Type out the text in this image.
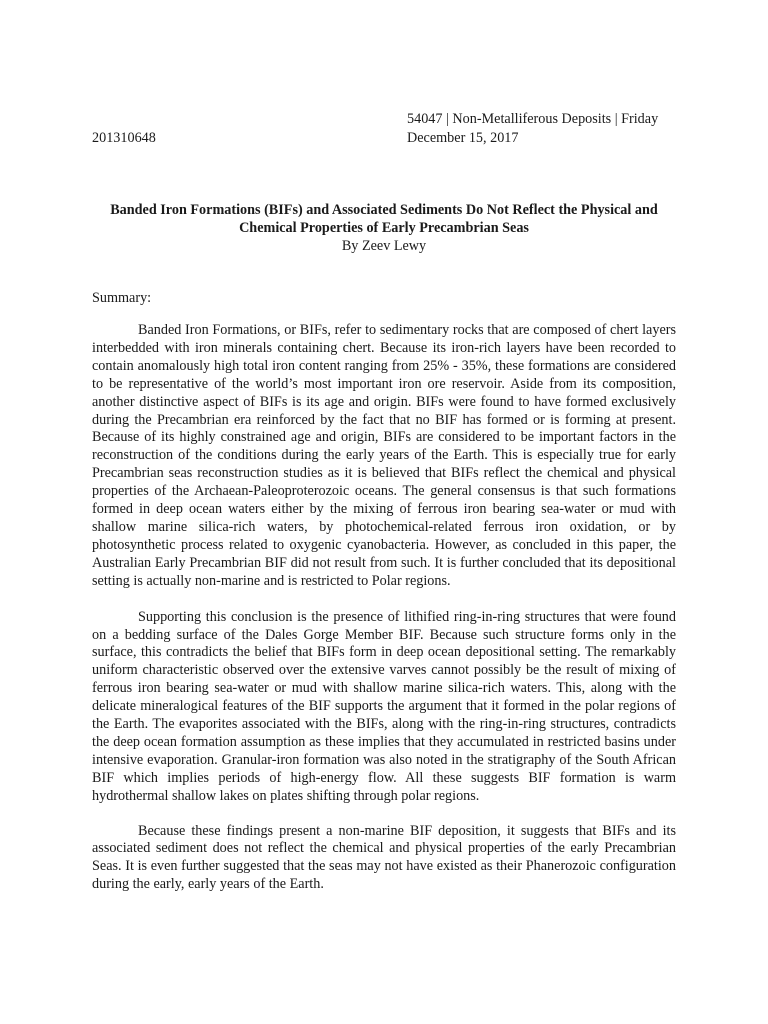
54047 | Non-Metalliferous Deposits | Friday
201310648	December 15, 2017

Banded Iron Formations (BIFs) and Associated Sediments Do Not Reflect the Physical and Chemical Properties of Early Precambrian Seas

By Zeev Lewy

Summary:

Banded Iron Formations, or BIFs, refer to sedimentary rocks that are composed of chert layers interbedded with iron minerals containing chert. Because its iron-rich layers have been recorded to contain anomalously high total iron content ranging from 25% - 35%, these formations are considered to be representative of the world’s most important iron ore reservoir. Aside from its composition, another distinctive aspect of BIFs is its age and origin. BIFs were found to have formed exclusively during the Precambrian era reinforced by the fact that no BIF has formed or is forming at present. Because of its highly constrained age and origin, BIFs are considered to be important factors in the reconstruction of the conditions during the early years of the Earth. This is especially true for early Precambrian seas reconstruction studies as it is believed that BIFs reflect the chemical and physical properties of the Archaean-Paleoproterozoic oceans. The general consensus is that such formations formed in deep ocean waters either by the mixing of ferrous iron bearing sea-water or mud with shallow marine silica-rich waters, by photochemical-related ferrous iron oxidation, or by photosynthetic process related to oxygenic cyanobacteria. However, as concluded in this paper, the Australian Early Precambrian BIF did not result from such. It is further concluded that its depositional setting is actually non-marine and is restricted to Polar regions.

Supporting this conclusion is the presence of lithified ring-in-ring structures that were found on a bedding surface of the Dales Gorge Member BIF. Because such structure forms only in the surface, this contradicts the belief that BIFs form in deep ocean depositional setting. The remarkably uniform characteristic observed over the extensive varves cannot possibly be the result of mixing of ferrous iron bearing sea-water or mud with shallow marine silica-rich waters. This, along with the delicate mineralogical features of the BIF supports the argument that it formed in the polar regions of the Earth. The evaporites associated with the BIFs, along with the ring-in-ring structures, contradicts the deep ocean formation assumption as these implies that they accumulated in restricted basins under intensive evaporation. Granular-iron formation was also noted in the stratigraphy of the South African BIF which implies periods of high-energy flow. All these suggests BIF formation is warm hydrothermal shallow lakes on plates shifting through polar regions.

Because these findings present a non-marine BIF deposition, it suggests that BIFs and its associated sediment does not reflect the chemical and physical properties of the early Precambrian Seas. It is even further suggested that the seas may not have existed as their Phanerozoic configuration during the early, early years of the Earth.
